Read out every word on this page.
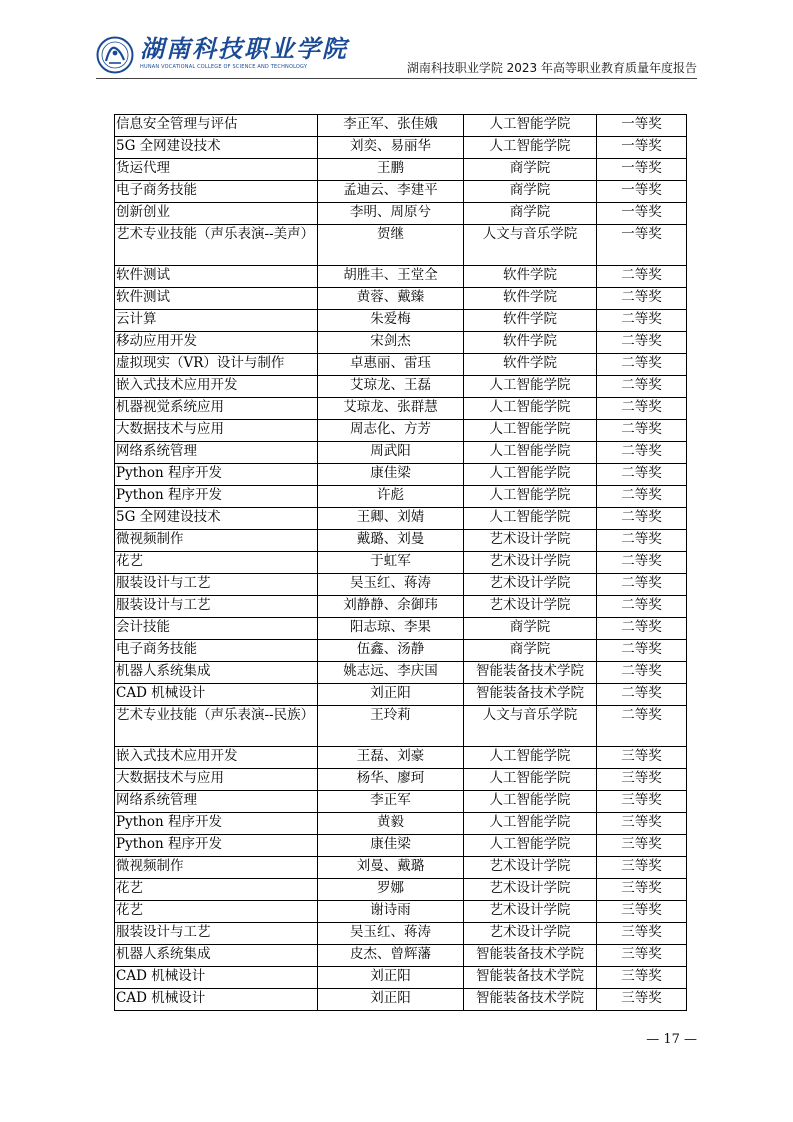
湖南科技职业学院
HUNAN VOCATIONAL COLLEGE OF SCIENCE AND TECHNOLOGY	湖南科技职业学院 2023 年高等职业教育质量年度报告
信息安全管理与评估	李正军、张佳娥	人工智能学院	一等奖
5G 全网建设技术	刘奕、易丽华	人工智能学院	一等奖
货运代理	王鹏	商学院	一等奖
电子商务技能	孟迪云、李建平	商学院	一等奖
创新创业	李明、周原兮	商学院	一等奖
艺术专业技能（声乐表演--美声）	贺继	人文与音乐学院	一等奖
软件测试	胡胜丰、王堂全	软件学院	二等奖
软件测试	黄蓉、戴臻	软件学院	二等奖
云计算	朱爱梅	软件学院	二等奖
移动应用开发	宋剑杰	软件学院	二等奖
虚拟现实（VR）设计与制作	卓惠丽、雷珏	软件学院	二等奖
嵌入式技术应用开发	艾琼龙、王磊	人工智能学院	二等奖
机器视觉系统应用	艾琼龙、张群慧	人工智能学院	二等奖
大数据技术与应用	周志化、方芳	人工智能学院	二等奖
网络系统管理	周武阳	人工智能学院	二等奖
Python 程序开发	康佳梁	人工智能学院	二等奖
Python 程序开发	许彪	人工智能学院	二等奖
5G 全网建设技术	王卿、刘婧	人工智能学院	二等奖
微视频制作	戴璐、刘曼	艺术设计学院	二等奖
花艺	于虹军	艺术设计学院	二等奖
服装设计与工艺	吴玉红、蒋涛	艺术设计学院	二等奖
服装设计与工艺	刘静静、余御玮	艺术设计学院	二等奖
会计技能	阳志琼、李果	商学院	二等奖
电子商务技能	伍鑫、汤静	商学院	二等奖
机器人系统集成	姚志远、李庆国	智能装备技术学院	二等奖
CAD 机械设计	刘正阳	智能装备技术学院	二等奖
艺术专业技能（声乐表演--民族）	王玲莉	人文与音乐学院	二等奖
嵌入式技术应用开发	王磊、刘豪	人工智能学院	三等奖
大数据技术与应用	杨华、廖珂	人工智能学院	三等奖
网络系统管理	李正军	人工智能学院	三等奖
Python 程序开发	黄毅	人工智能学院	三等奖
Python 程序开发	康佳梁	人工智能学院	三等奖
微视频制作	刘曼、戴璐	艺术设计学院	三等奖
花艺	罗娜	艺术设计学院	三等奖
花艺	谢诗雨	艺术设计学院	三等奖
服装设计与工艺	吴玉红、蒋涛	艺术设计学院	三等奖
机器人系统集成	皮杰、曾辉藩	智能装备技术学院	三等奖
CAD 机械设计	刘正阳	智能装备技术学院	三等奖
CAD 机械设计	刘正阳	智能装备技术学院	三等奖
— 17 —
